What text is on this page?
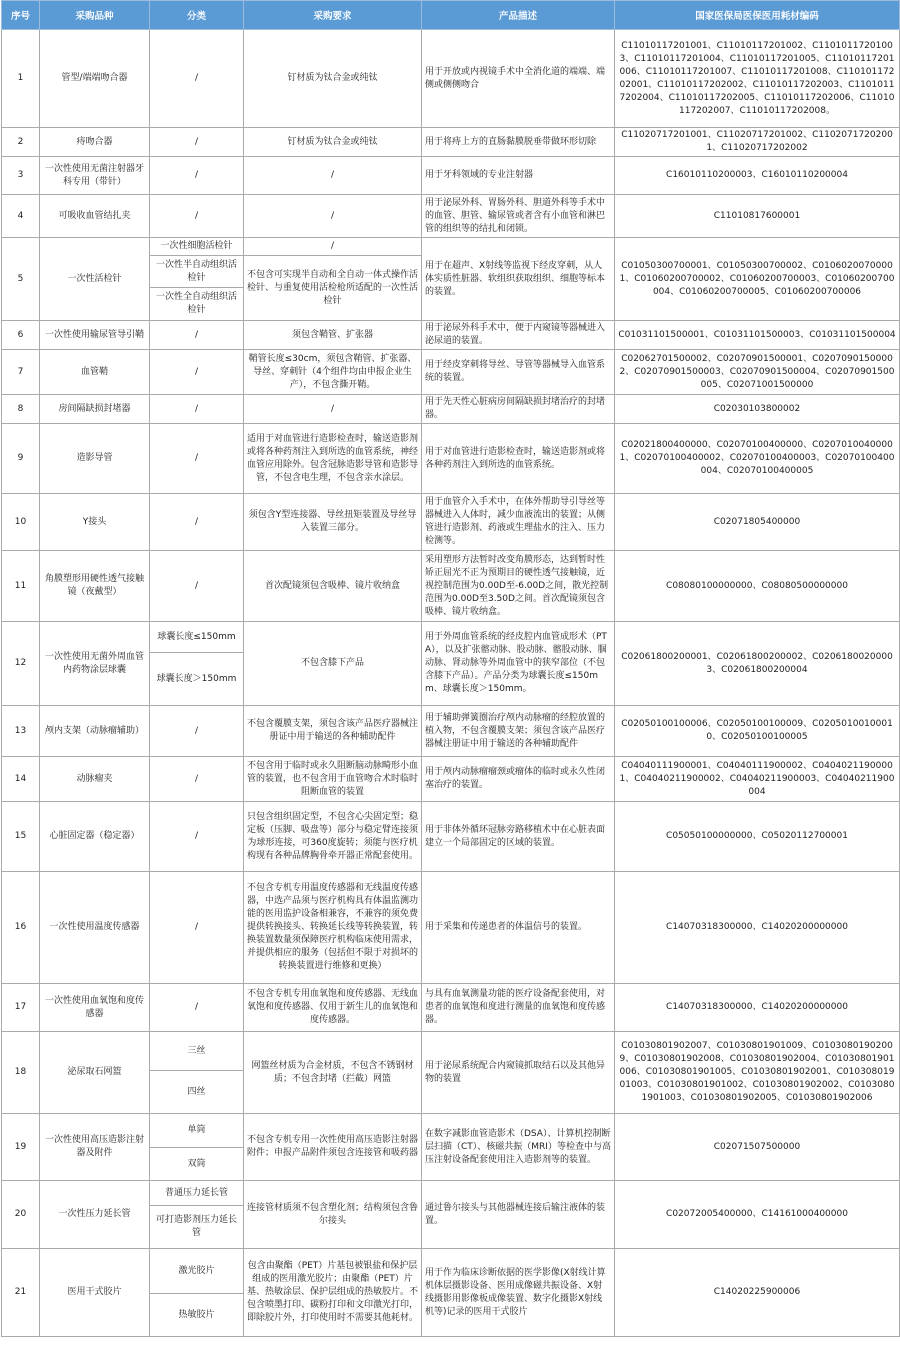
序号	采购品种	分类	采购要求	产品描述	国家医保局医保医用耗材编码
1	管型/端端吻合器	/	钉材质为钛合金或纯钛	用于开放或内视镜手术中全消化道的端端、端侧或侧侧吻合	C11010117201001、C11010117201002、C11010117201003、C11010117201004、C11010117201005、C11010117201006、C11010117201007、C11010117201008、C11010117202001、C11010117202002、C11010117202003、C11010117202004、C11010117202005、C11010117202006、C11010117202007、C11010117202008。
2	痔吻合器	/	钉材质为钛合金或纯钛	用于将痔上方的直肠黏膜脱垂带做环形切除	C11020717201001、C11020717201002、C11020717202001、C11020717202002
3	一次性使用无菌注射器牙科专用（带针）	/	/	用于牙科领域的专业注射器	C16010110200003、C16010110200004
4	可吸收血管结扎夹	/	/	用于泌尿外科、胃肠外科、胆道外科等手术中的血管、胆管、输尿管或者含有小血管和淋巴管的组织等的结扎和闭锁。	C11010817600001
5	一次性活检针	一次性细胞活检针	/	用于在超声、X射线等监视下经皮穿刺，从人体实质性脏器、软组织获取组织、细胞等标本的装置。	C01050300700001、C01050300700002、C01060200700001、C01060200700002、C01060200700003、C01060200700004、C01060200700005、C01060200700006
		一次性半自动组织活检针	不包含可实现半自动和全自动一体式操作活检针、与重复使用活检枪所适配的一次性活检针		
		一次性全自动组织活检针			
6	一次性使用输尿管导引鞘	/	须包含鞘管、扩张器	用于泌尿外科手术中，便于内窥镜等器械进入泌尿道的装置。	C01031101500001、C01031101500003、C01031101500004
7	血管鞘	/	鞘管长度≤30cm，须包含鞘管、扩张器、导丝、穿刺针（4个组件均由申报企业生产），不包含撕开鞘。	用于经皮穿刺将导丝、导管等器械导入血管系统的装置。	C02062701500002、C02070901500001、C02070901500002、C02070901500003、C02070901500004、C02070901500005、C02071001500000
8	房间隔缺损封堵器	/	/	用于先天性心脏病房间隔缺损封堵治疗的封堵器。	C02030103800002
9	造影导管	/	适用于对血管进行造影检查时，输送造影剂或将各种药剂注入到所选的血管系统，神经血管应用除外。包含冠脉造影导管和造影导管，不包含电生理，不包含亲水涂层。	用于对血管进行造影检查时，输送造影剂或将各种药剂注入到所选的血管系统。	C02021800400000、C02070100400000、C02070100400001、C02070100400002、C02070100400003、C02070100400004、C02070100400005
10	Y接头	/	须包含Y型连接器、导丝扭矩装置及导丝导入装置三部分。	用于血管介入手术中，在体外帮助导引导丝等器械进入人体时，减少血液流出的装置；从侧管进行造影剂、药液或生理盐水的注入、压力检测等。	C02071805400000
11	角膜塑形用硬性透气接触镜（夜戴型）	/	首次配镜须包含吸棒、镜片收纳盒	采用塑形方法暂时改变角膜形态，达到暂时性矫正屈光不正为预期目的硬性透气接触镜，近视控制范围为0.00D至-6.00D之间，散光控制范围为0.00D至3.50D之间。首次配镜须包含吸棒、镜片收纳盒。	C08080100000000、C08080500000000
12	一次性使用无菌外周血管内药物涂层球囊	球囊长度≤150mm	不包含膝下产品	用于外周血管系统的经皮腔内血管成形术（PTA），以及扩张髂动脉、股动脉、髂股动脉、腘动脉、肾动脉等外周血管中的狭窄部位（不包含膝下产品）。产品分类为球囊长度≤150mm、球囊长度＞150mm。	C02061800200001、C02061800200002、C02061800200003、C02061800200004
		球囊长度＞150mm			
13	颅内支架（动脉瘤辅助）	/	不包含覆膜支架，须包含该产品医疗器械注册证中用于输送的各种辅助配件	用于辅助弹簧圈治疗颅内动脉瘤的经腔放置的植入物，不包含覆膜支架；须包含该产品医疗器械注册证中用于输送的各种辅助配件	C02050100100006、C02050100100009、C02050100100010、C02050100100005
14	动脉瘤夹	/	不包含用于临时或永久阻断脑动脉畸形小血管的装置，也不包含用于血管吻合术时临时阻断血管的装置	用于颅内动脉瘤瘤颈或瘤体的临时或永久性闭塞治疗的装置。	C04040111900001、C04040111900002、C04040211900001、C04040211900002、C04040211900003、C04040211900004
15	心脏固定器（稳定器）	/	只包含组织固定型，不包含心尖固定型；稳定板（压脚、吸盘等）部分与稳定臂连接须为球形连接，可360度旋转；须能与医疗机构现有各种品牌胸骨牵开器正常配套使用。	用于非体外循环冠脉旁路移植术中在心脏表面建立一个局部固定的区域的装置。	C05050100000000、C05020112700001
16	一次性使用温度传感器	/	不包含专机专用温度传感器和无线温度传感器，中选产品须与医疗机构具有体温监测功能的医用监护设备相兼容，不兼容的须免费提供转换接头、转换延长线等转换装置，转换装置数量须保障医疗机构临床使用需求，并提供相应的服务（包括但不限于对损坏的转换装置进行维修和更换）	用于采集和传递患者的体温信号的装置。	C14070318300000、C14020200000000
17	一次性使用血氧饱和度传感器	/	不包含专机专用血氧饱和度传感器、无线血氧饱和度传感器、仅用于新生儿的血氧饱和度传感器。	与具有血氧测量功能的医疗设备配套使用，对患者的血氧饱和度进行测量的血氧饱和度传感器。	C14070318300000、C14020200000000
18	泌尿取石网篮	三丝	网篮丝材质为合金材质，不包含不锈钢材质；不包含封堵（拦截）网篮	用于泌尿系统配合内窥镜抓取结石以及其他异物的装置	C01030801902007、C01030801901009、C01030801902009、C01030801902008、C01030801902004、C01030801901006、C01030801901005、C01030801902001、C01030801901003、C01030801901002、C01030801902002、C01030801901003、C01030801902005、C01030801902006
		四丝			
19	一次性使用高压造影注射器及附件	单筒	不包含专机专用一次性使用高压造影注射器附件；申报产品附件须包含连接管和吸药器	在数字减影血管造影术（DSA）、计算机控制断层扫描（CT）、核磁共振（MRI）等检查中与高压注射设备配套使用注入造影剂等的装置。	C02071507500000
		双筒			
20	一次性压力延长管	普通压力延长管	连接管材质须不包含塑化剂；结构须包含鲁尔接头	通过鲁尔接头与其他器械连接后输注液体的装置。	C02072005400000、C14161000400000
		可打造影剂压力延长管			
21	医用干式胶片	激光胶片	包含由聚酯（PET）片基包被银盐和保护层组成的医用激光胶片；由聚酯（PET）片基、热敏涂层、保护层组成的热敏胶片。不包含喷墨打印、碳粉打印和文印激光打印，即除胶片外，打印使用时不需要其他耗材。	用于作为临床诊断依据的医学影像(X射线计算机体层摄影设备、医用成像磁共振设备、X射线摄影用影像板成像装置、数字化摄影X射线机等)记录的医用干式胶片	C14020225900006
		热敏胶片			
